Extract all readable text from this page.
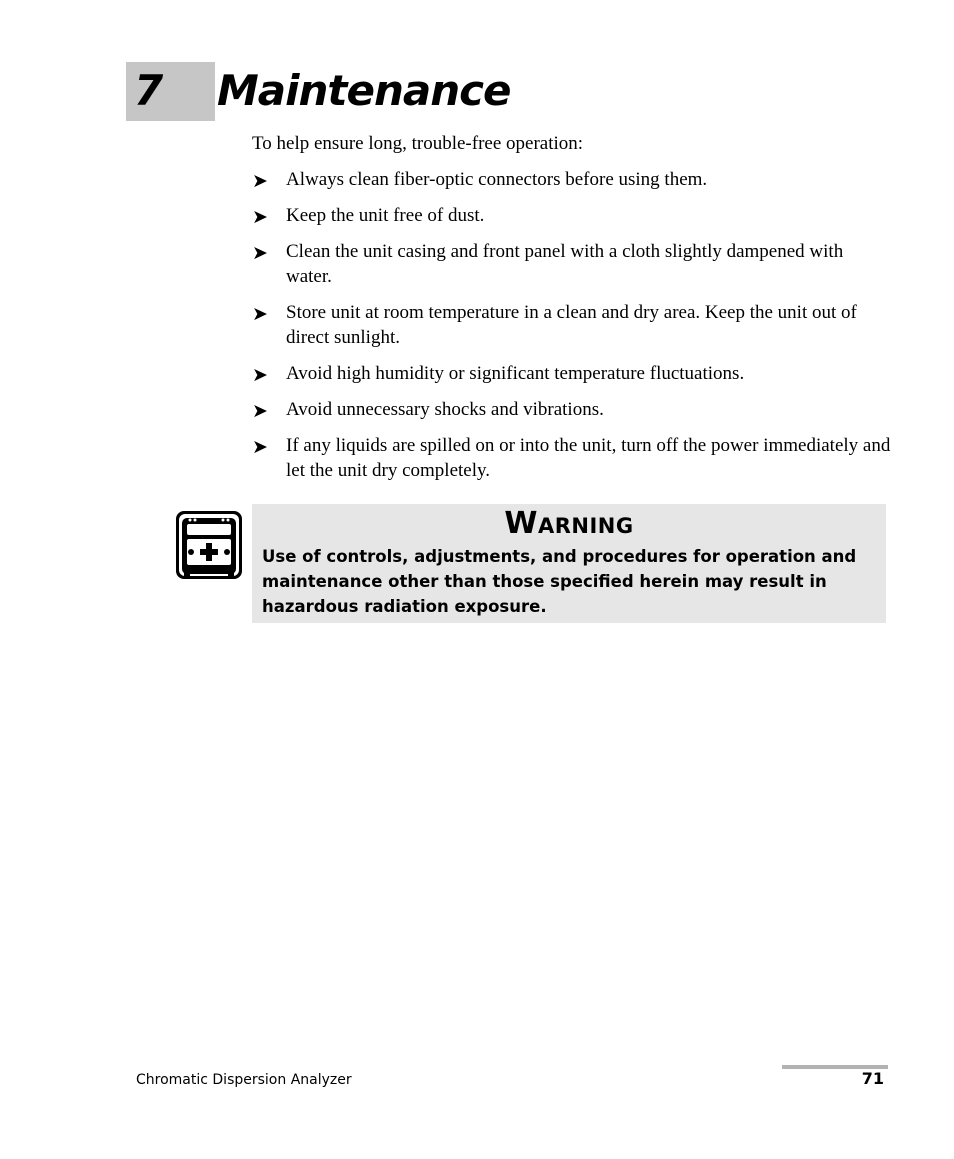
7 Maintenance
To help ensure long, trouble-free operation:
➤ Always clean fiber-optic connectors before using them.
➤ Keep the unit free of dust.
➤ Clean the unit casing and front panel with a cloth slightly dampened with water.
➤ Store unit at room temperature in a clean and dry area. Keep the unit out of direct sunlight.
➤ Avoid high humidity or significant temperature fluctuations.
➤ Avoid unnecessary shocks and vibrations.
➤ If any liquids are spilled on or into the unit, turn off the power immediately and let the unit dry completely.
Warning
Use of controls, adjustments, and procedures for operation and maintenance other than those specified herein may result in hazardous radiation exposure.
Chromatic Dispersion Analyzer	71
